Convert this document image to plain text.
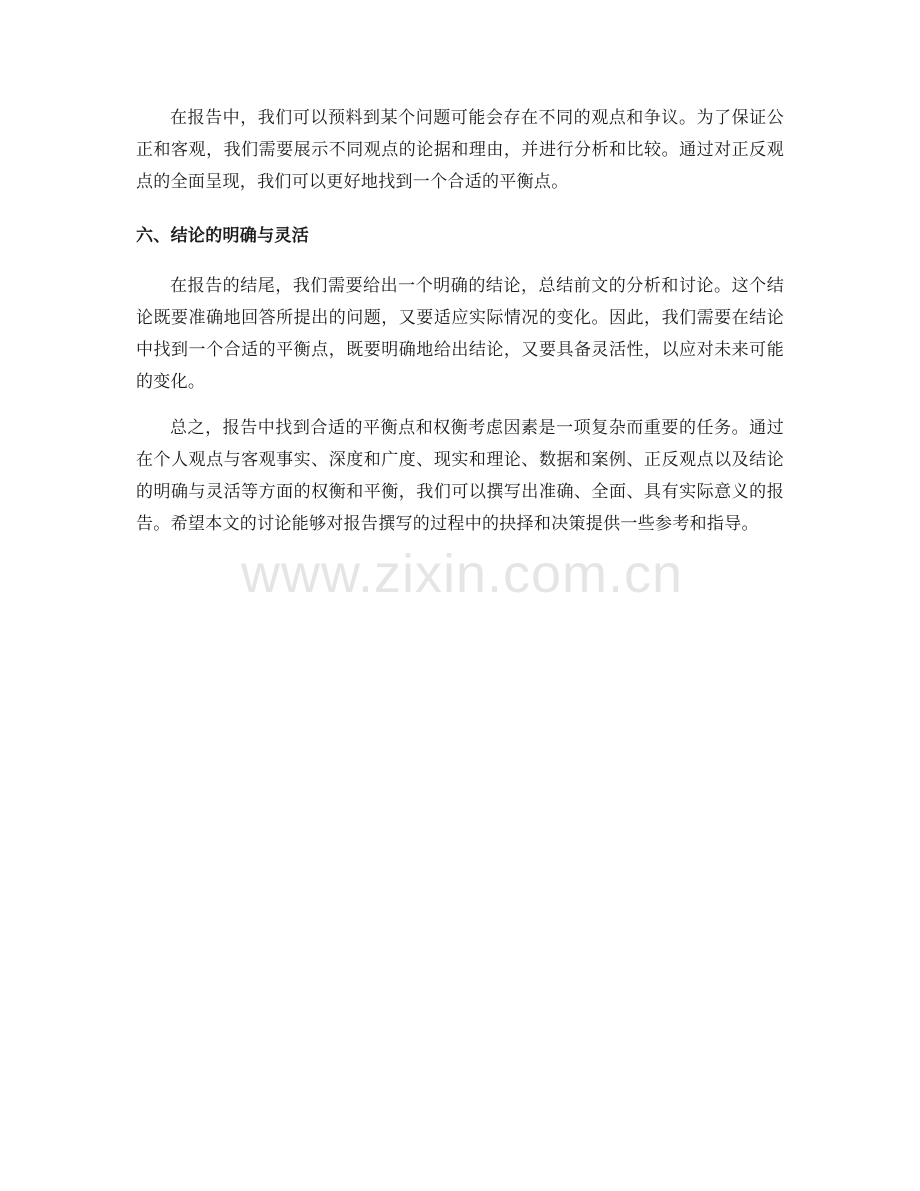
在报告中，我们可以预料到某个问题可能会存在不同的观点和争议。为了保证公正和客观，我们需要展示不同观点的论据和理由，并进行分析和比较。通过对正反观点的全面呈现，我们可以更好地找到一个合适的平衡点。

六、结论的明确与灵活

在报告的结尾，我们需要给出一个明确的结论，总结前文的分析和讨论。这个结论既要准确地回答所提出的问题，又要适应实际情况的变化。因此，我们需要在结论中找到一个合适的平衡点，既要明确地给出结论，又要具备灵活性，以应对未来可能的变化。

总之，报告中找到合适的平衡点和权衡考虑因素是一项复杂而重要的任务。通过在个人观点与客观事实、深度和广度、现实和理论、数据和案例、正反观点以及结论的明确与灵活等方面的权衡和平衡，我们可以撰写出准确、全面、具有实际意义的报告。希望本文的讨论能够对报告撰写的过程中的抉择和决策提供一些参考和指导。

www.zixin.com.cn
